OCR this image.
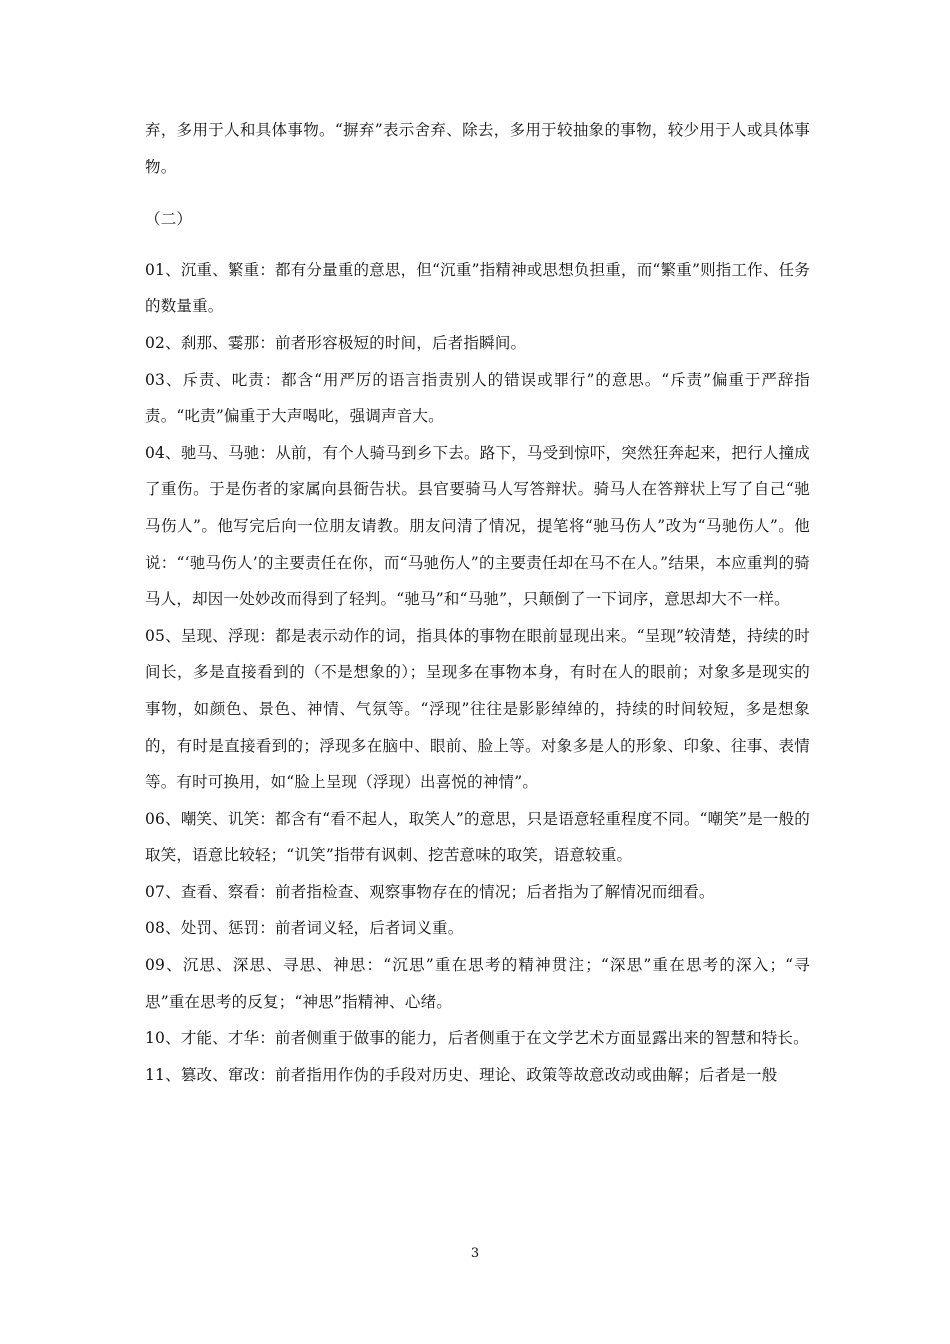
弃，多用于人和具体事物。“摒弃”表示舍弃、除去，多用于较抽象的事物，较少用于人或具体事物。

（二）

01、沉重、繁重：都有分量重的意思，但“沉重”指精神或思想负担重，而“繁重”则指工作、任务的数量重。

02、刹那、霎那：前者形容极短的时间，后者指瞬间。

03、斥责、叱责：都含“用严厉的语言指责别人的错误或罪行”的意思。“斥责”偏重于严辞指责。“叱责”偏重于大声喝叱，强调声音大。

04、驰马、马驰：从前，有个人骑马到乡下去。路下，马受到惊吓，突然狂奔起来，把行人撞成了重伤。于是伤者的家属向县衙告状。县官要骑马人写答辩状。骑马人在答辩状上写了自己“驰马伤人”。他写完后向一位朋友请教。朋友问清了情况，提笔将“驰马伤人”改为“马驰伤人”。他说：“‘驰马伤人’的主要责任在你，而“马驰伤人”的主要责任却在马不在人。”结果，本应重判的骑马人，却因一处妙改而得到了轻判。“驰马”和“马驰”，只颠倒了一下词序，意思却大不一样。

05、呈现、浮现：都是表示动作的词，指具体的事物在眼前显现出来。“呈现”较清楚，持续的时间长，多是直接看到的（不是想象的）；呈现多在事物本身，有时在人的眼前；对象多是现实的事物，如颜色、景色、神情、气氛等。“浮现”往往是影影绰绰的，持续的时间较短，多是想象的，有时是直接看到的；浮现多在脑中、眼前、脸上等。对象多是人的形象、印象、往事、表情等。有时可换用，如“脸上呈现（浮现）出喜悦的神情”。

06、嘲笑、讥笑：都含有“看不起人，取笑人”的意思，只是语意轻重程度不同。“嘲笑”是一般的取笑，语意比较轻；“讥笑”指带有讽刺、挖苦意味的取笑，语意较重。

07、查看、察看：前者指检查、观察事物存在的情况；后者指为了解情况而细看。

08、处罚、惩罚：前者词义轻，后者词义重。

09、沉思、深思、寻思、神思：“沉思”重在思考的精神贯注；“深思”重在思考的深入；“寻思”重在思考的反复；“神思”指精神、心绪。

10、才能、才华：前者侧重于做事的能力，后者侧重于在文学艺术方面显露出来的智慧和特长。

11、篡改、窜改：前者指用作伪的手段对历史、理论、政策等故意改动或曲解；后者是一般

3
